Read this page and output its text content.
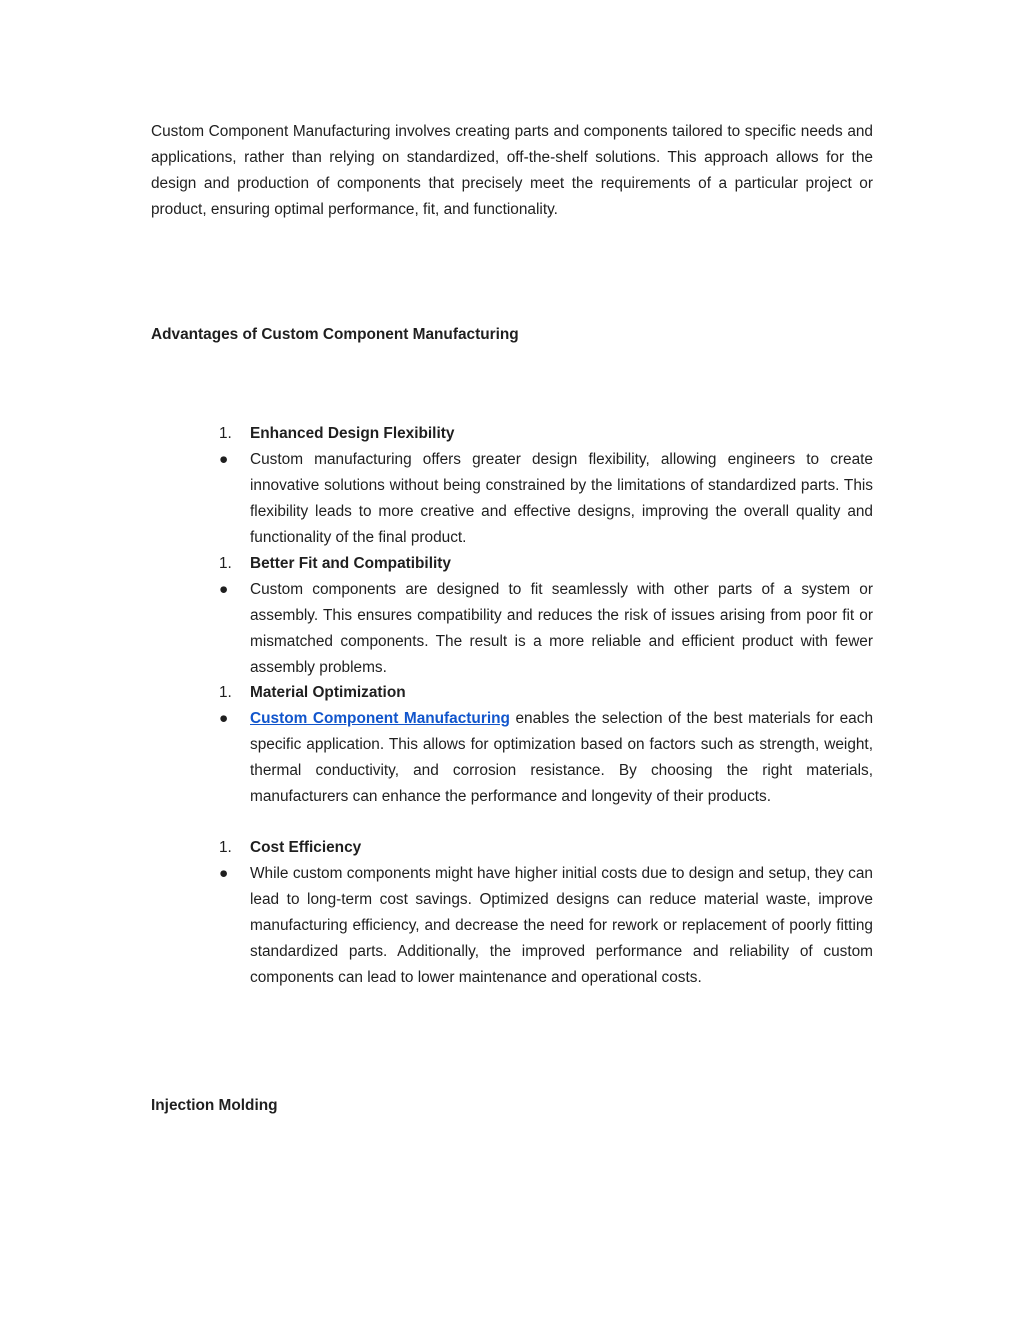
Custom Component Manufacturing involves creating parts and components tailored to specific needs and applications, rather than relying on standardized, off-the-shelf solutions. This approach allows for the design and production of components that precisely meet the requirements of a particular project or product, ensuring optimal performance, fit, and functionality.
Advantages of Custom Component Manufacturing
1.	Enhanced Design Flexibility
●	Custom manufacturing offers greater design flexibility, allowing engineers to create innovative solutions without being constrained by the limitations of standardized parts. This flexibility leads to more creative and effective designs, improving the overall quality and functionality of the final product.
1.	Better Fit and Compatibility
●	Custom components are designed to fit seamlessly with other parts of a system or assembly. This ensures compatibility and reduces the risk of issues arising from poor fit or mismatched components. The result is a more reliable and efficient product with fewer assembly problems.
1.	Material Optimization
●	Custom Component Manufacturing enables the selection of the best materials for each specific application. This allows for optimization based on factors such as strength, weight, thermal conductivity, and corrosion resistance. By choosing the right materials, manufacturers can enhance the performance and longevity of their products.
1.	Cost Efficiency
●	While custom components might have higher initial costs due to design and setup, they can lead to long-term cost savings. Optimized designs can reduce material waste, improve manufacturing efficiency, and decrease the need for rework or replacement of poorly fitting standardized parts. Additionally, the improved performance and reliability of custom components can lead to lower maintenance and operational costs.
Injection Molding
